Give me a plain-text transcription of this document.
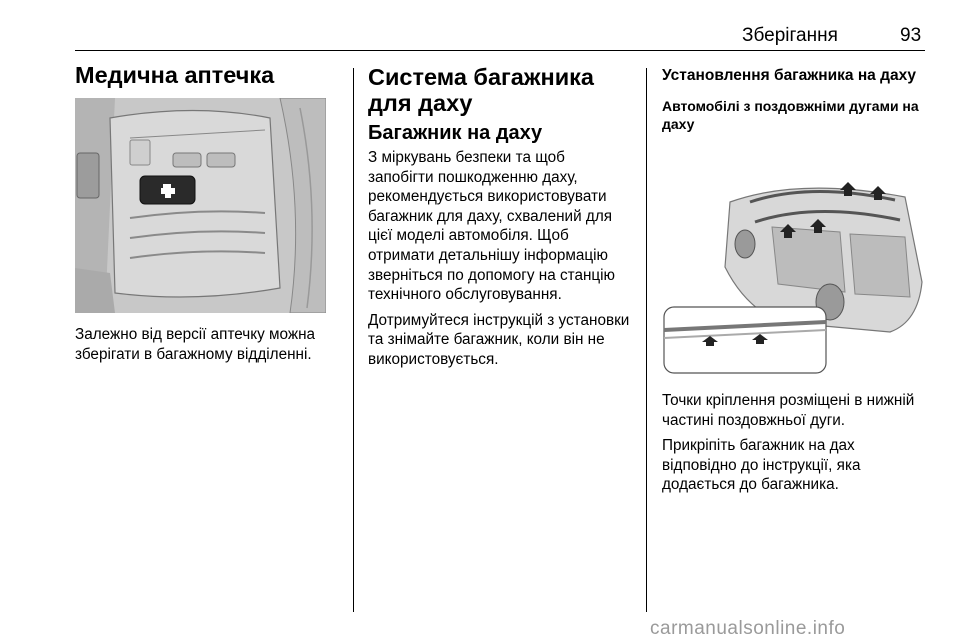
Зберігання	93
Медична аптечка

Залежно від версії аптечку можна зберігати в багажному відділенні.

Система багажника для даху
Багажник на даху

З міркувань безпеки та щоб запобігти пошкодженню даху, рекомендується використовувати багажник для даху, схвалений для цієї моделі автомобіля. Щоб отримати детальнішу інформацію зверніться по допомогу на станцію технічного обслуговування.

Дотримуйтеся інструкцій з установки та знімайте багажник, коли він не використовується.

Установлення багажника на даху
Автомобілі з поздовжніми дугами на даху

Точки кріплення розміщені в нижній частині поздовжньої дуги.

Прикріпіть багажник на дах відповідно до інструкції, яка додається до багажника.

carmanualsonline.info
